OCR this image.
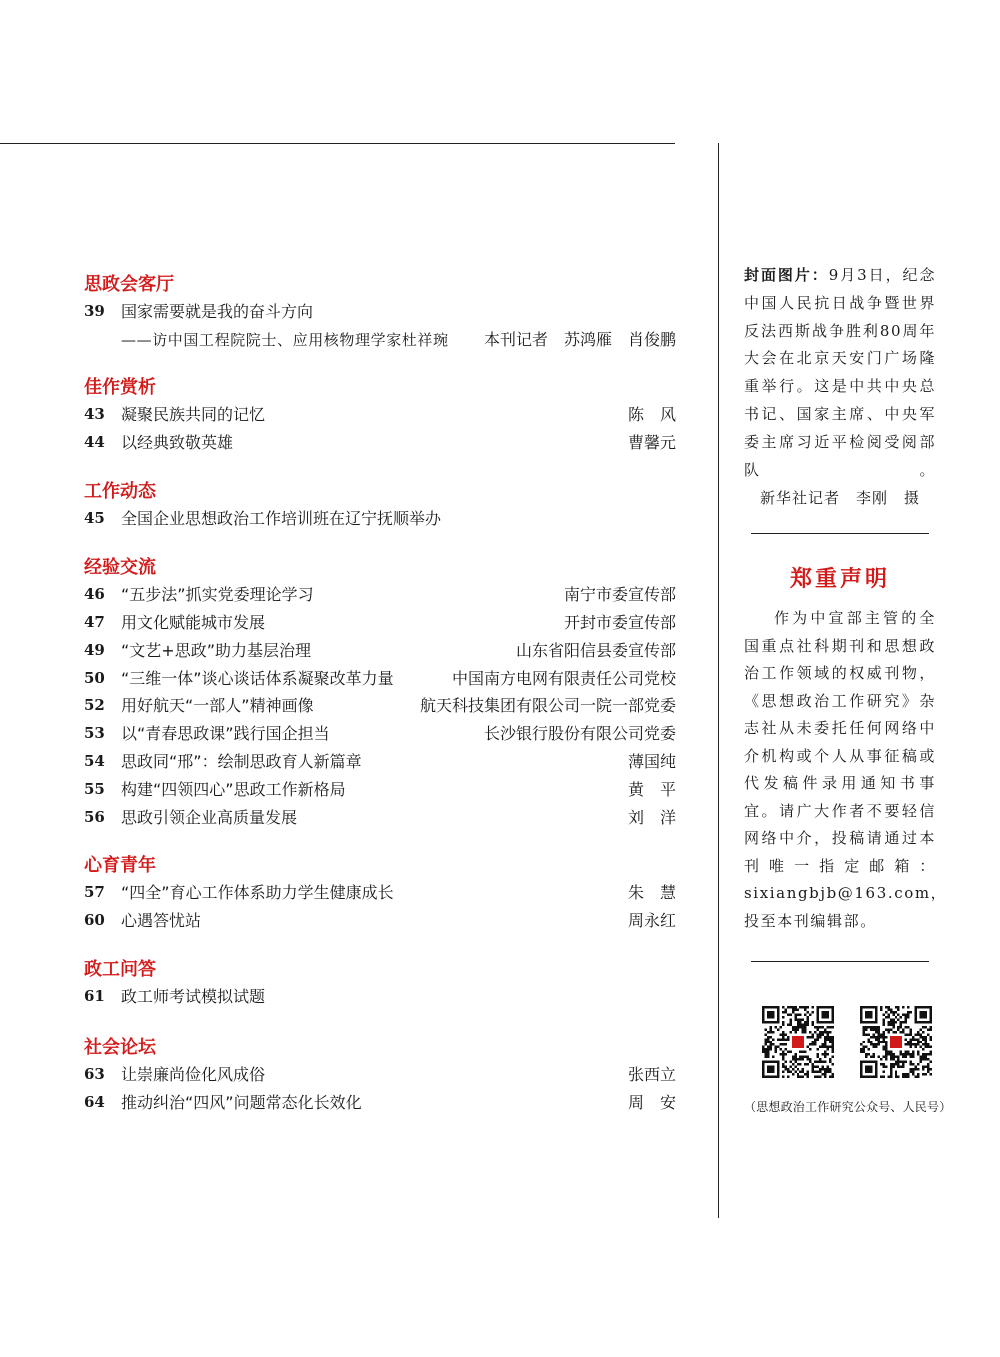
思政会客厅
39 国家需要就是我的奋斗方向
——访中国工程院院士、应用核物理学家杜祥琬 本刊记者　苏鸿雁　肖俊鹏
佳作赏析
43 凝聚民族共同的记忆	陈　风
44 以经典致敬英雄	曹馨元
工作动态
45 全国企业思想政治工作培训班在辽宁抚顺举办
经验交流
46 “五步法”抓实党委理论学习	南宁市委宣传部
47 用文化赋能城市发展	开封市委宣传部
49 “文艺+思政”助力基层治理	山东省阳信县委宣传部
50 “三维一体”谈心谈话体系凝聚改革力量	中国南方电网有限责任公司党校
52 用好航天“一部人”精神画像	航天科技集团有限公司一院一部党委
53 以“青春思政课”践行国企担当	长沙银行股份有限公司党委
54 思政同“邢”：绘制思政育人新篇章	薄国纯
55 构建“四领四心”思政工作新格局	黄　平
56 思政引领企业高质量发展	刘　洋
心育青年
57 “四全”育心工作体系助力学生健康成长	朱　慧
60 心遇答忧站	周永红
政工问答
61 政工师考试模拟试题
社会论坛
63 让崇廉尚俭化风成俗	张西立
64 推动纠治“四风”问题常态化长效化	周　安
封面图片：9月3日，纪念中国人民抗日战争暨世界反法西斯战争胜利80周年大会在北京天安门广场隆重举行。这是中共中央总书记、国家主席、中央军委主席习近平检阅受阅部队。
新华社记者　李刚　摄
郑重声明
作为中宣部主管的全国重点社科期刊和思想政治工作领域的权威刊物，《思想政治工作研究》杂志社从未委托任何网络中介机构或个人从事征稿或代发稿件录用通知书事宜。请广大作者不要轻信网络中介，投稿请通过本刊唯一指定邮箱：sixiangbjb@163.com，投至本刊编辑部。
（思想政治工作研究公众号、人民号）
